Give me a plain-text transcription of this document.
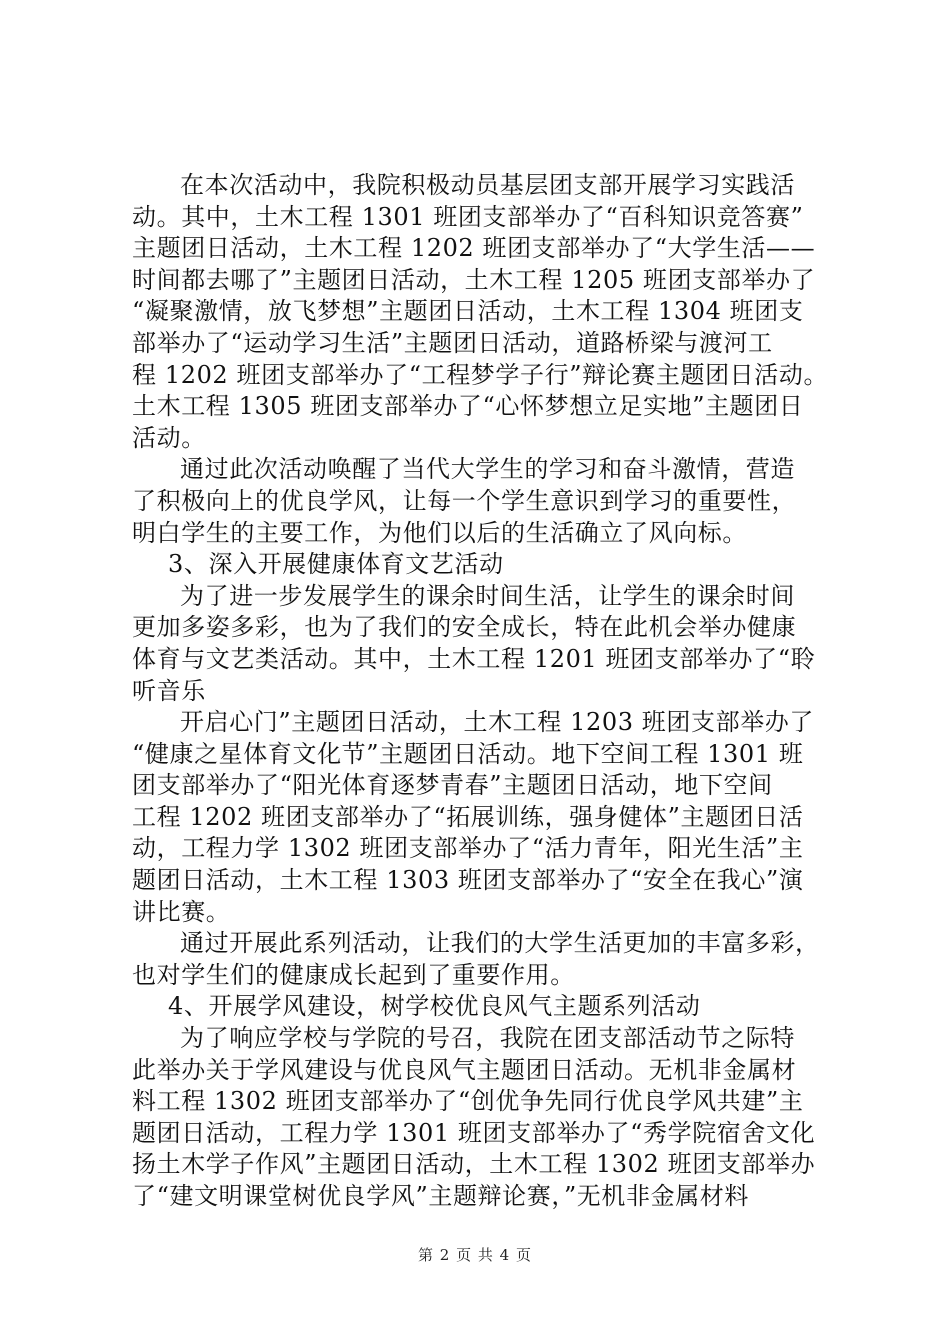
在本次活动中，我院积极动员基层团支部开展学习实践活
动。其中，土木工程 1301 班团支部举办了“百科知识竞答赛”
主题团日活动，土木工程 1202 班团支部举办了“大学生活——
时间都去哪了”主题团日活动，土木工程 1205 班团支部举办了
“凝聚激情，放飞梦想”主题团日活动，土木工程 1304 班团支
部举办了“运动学习生活”主题团日活动，道路桥梁与渡河工
程 1202 班团支部举办了“工程梦学子行”辩论赛主题团日活动。
土木工程 1305 班团支部举办了“心怀梦想立足实地”主题团日
活动。
通过此次活动唤醒了当代大学生的学习和奋斗激情，营造
了积极向上的优良学风，让每一个学生意识到学习的重要性，
明白学生的主要工作，为他们以后的生活确立了风向标。
3、深入开展健康体育文艺活动
为了进一步发展学生的课余时间生活，让学生的课余时间
更加多姿多彩，也为了我们的安全成长，特在此机会举办健康
体育与文艺类活动。其中，土木工程 1201 班团支部举办了“聆
听音乐
开启心门”主题团日活动，土木工程 1203 班团支部举办了
“健康之星体育文化节”主题团日活动。地下空间工程 1301 班
团支部举办了“阳光体育逐梦青春”主题团日活动，地下空间
工程 1202 班团支部举办了“拓展训练，强身健体”主题团日活
动，工程力学 1302 班团支部举办了“活力青年，阳光生活”主
题团日活动，土木工程 1303 班团支部举办了“安全在我心”演
讲比赛。
通过开展此系列活动，让我们的大学生活更加的丰富多彩，
也对学生们的健康成长起到了重要作用。
4、开展学风建设，树学校优良风气主题系列活动
为了响应学校与学院的号召，我院在团支部活动节之际特
此举办关于学风建设与优良风气主题团日活动。无机非金属材
料工程 1302 班团支部举办了“创优争先同行优良学风共建”主
题团日活动，工程力学 1301 班团支部举办了“秀学院宿舍文化
扬土木学子作风”主题团日活动，土木工程 1302 班团支部举办
了“建文明课堂树优良学风”主题辩论赛，”无机非金属材料
第 2 页 共 4 页
